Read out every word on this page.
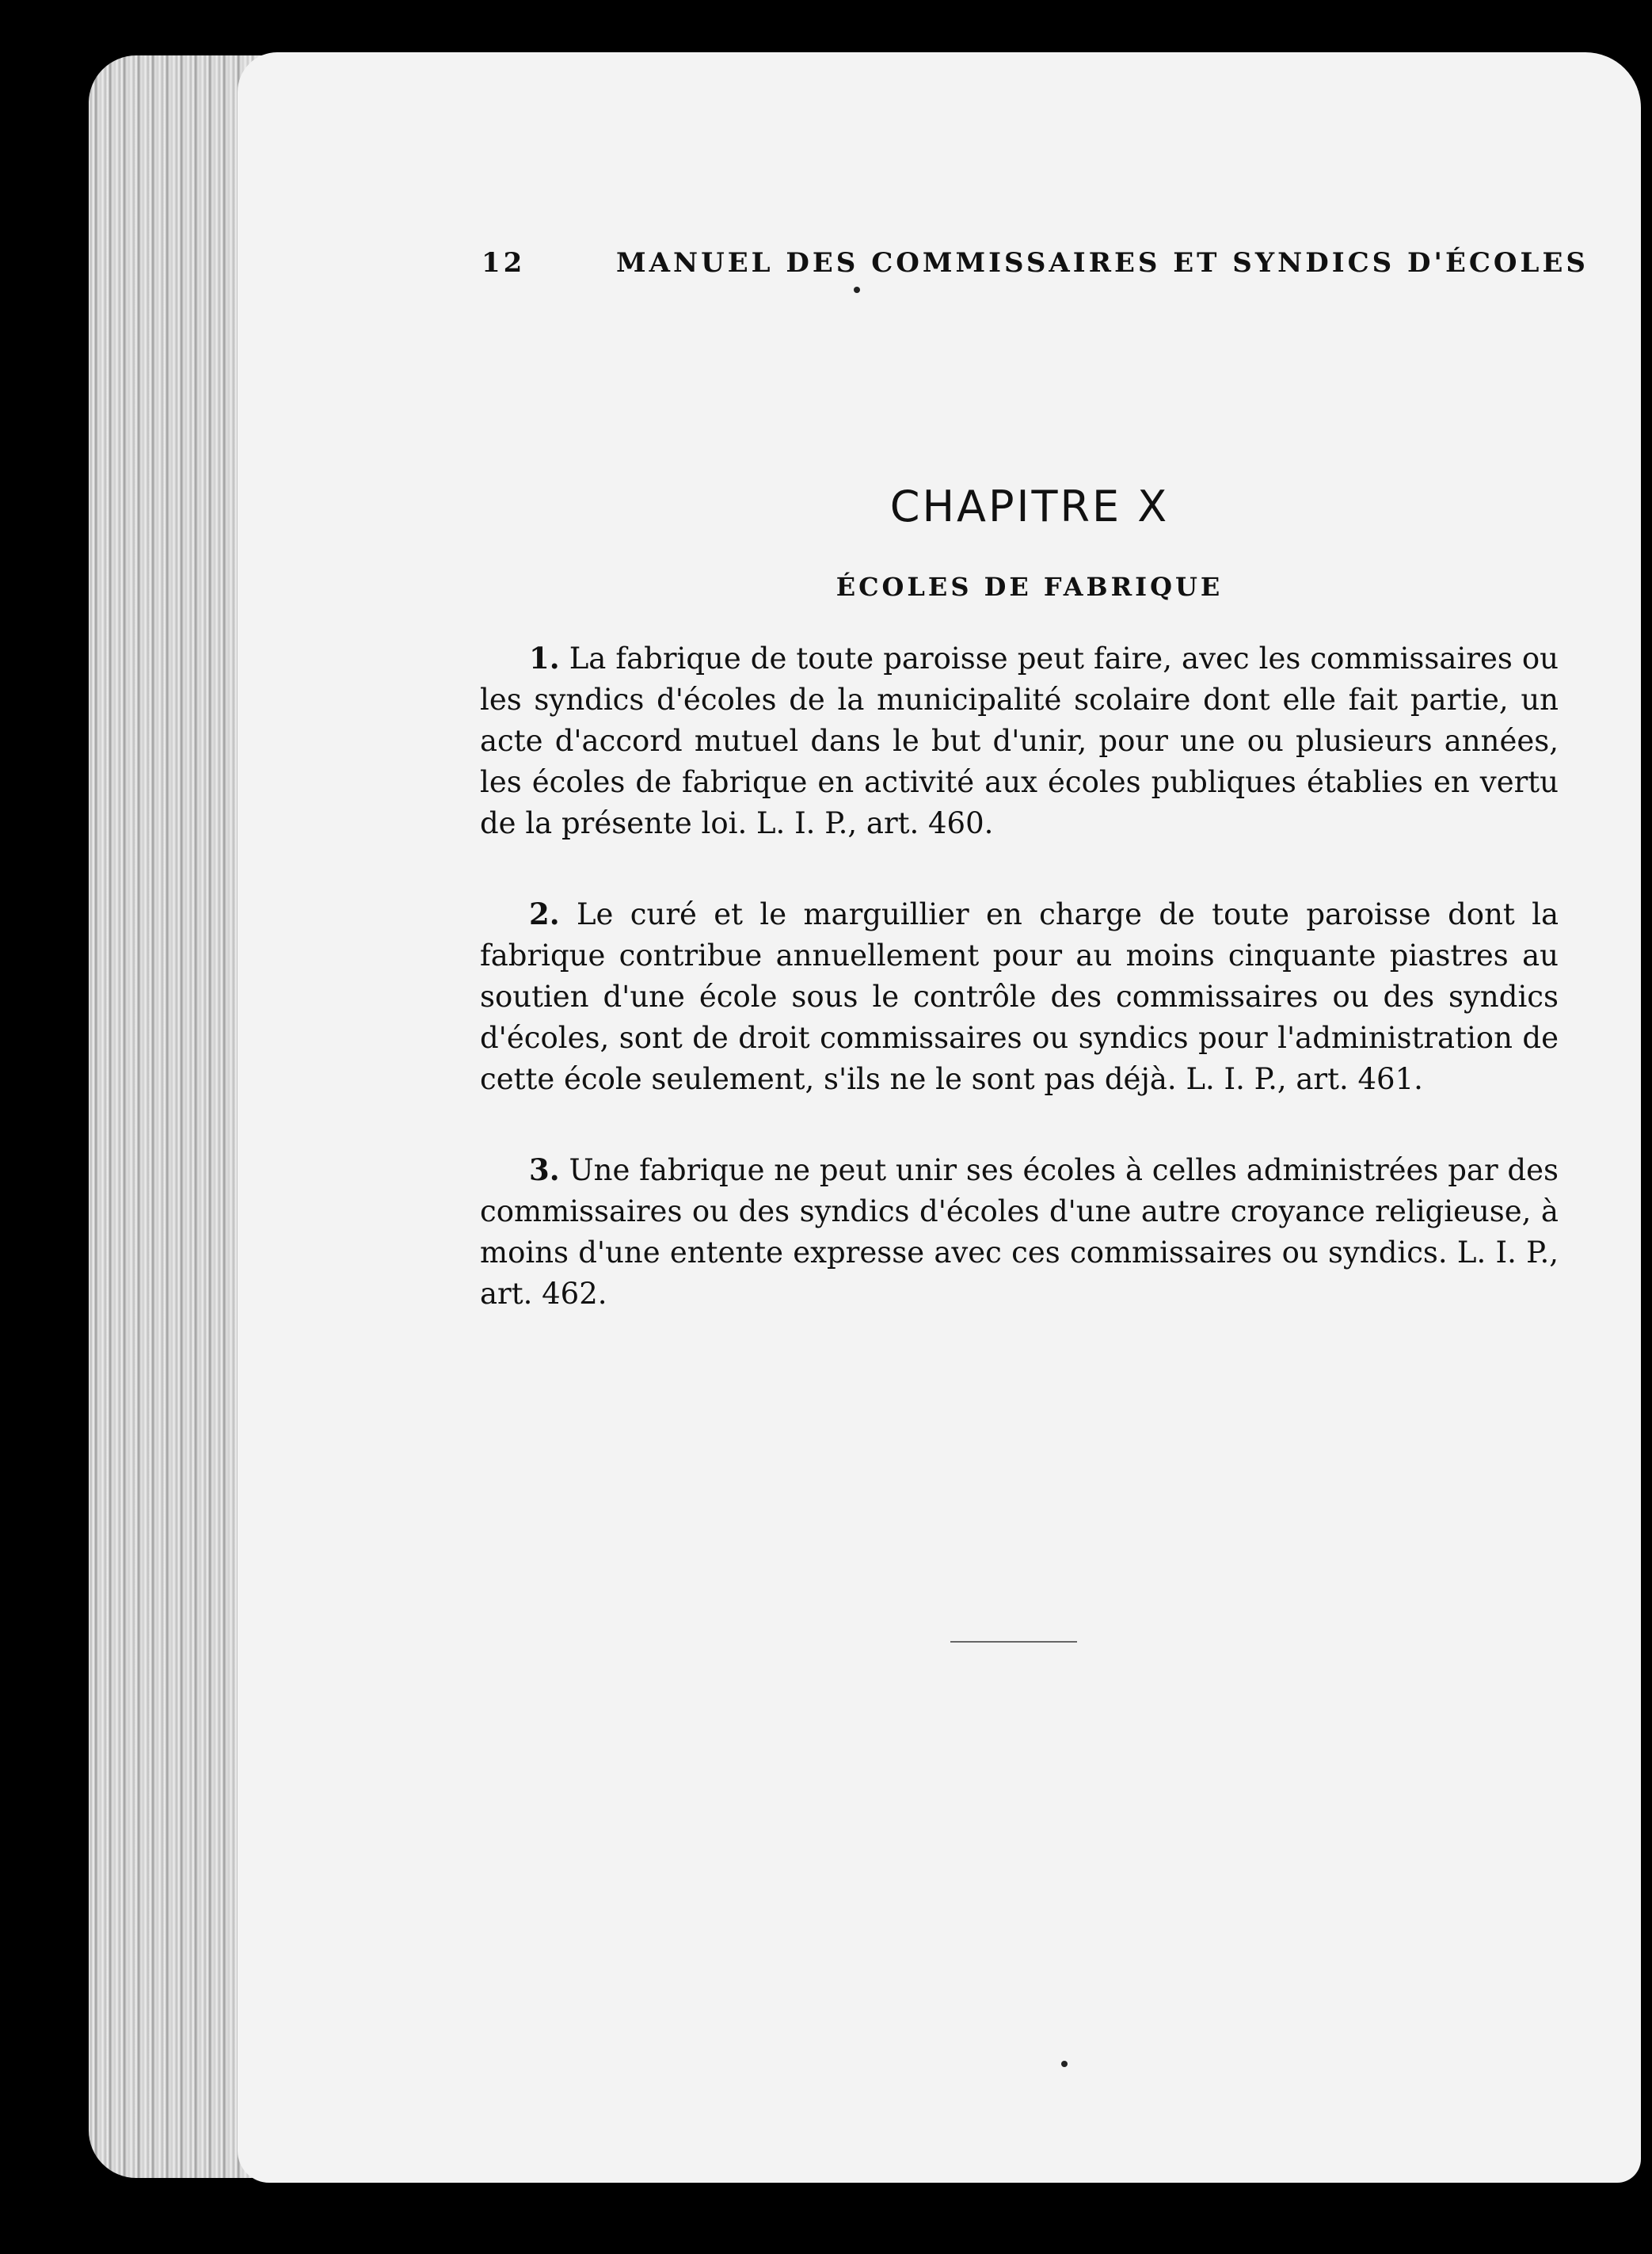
12	MANUEL DES COMMISSAIRES ET SYNDICS D'ÉCOLES
CHAPITRE X
ÉCOLES DE FABRIQUE

1. La fabrique de toute paroisse peut faire, avec les commissaires ou les syndics d'écoles de la municipalité scolaire dont elle fait partie, un acte d'accord mutuel dans le but d'unir, pour une ou plusieurs années, les écoles de fabrique en activité aux écoles publiques établies en vertu de la présente loi. L. I. P., art. 460.

2. Le curé et le marguillier en charge de toute paroisse dont la fabrique contribue annuellement pour au moins cinquante piastres au soutien d'une école sous le contrôle des commissaires ou des syndics d'écoles, sont de droit commissaires ou syndics pour l'administration de cette école seulement, s'ils ne le sont pas déjà. L. I. P., art. 461.

3. Une fabrique ne peut unir ses écoles à celles administrées par des commissaires ou des syndics d'écoles d'une autre croyance religieuse, à moins d'une entente expresse avec ces commissaires ou syndics. L. I. P., art. 462.
